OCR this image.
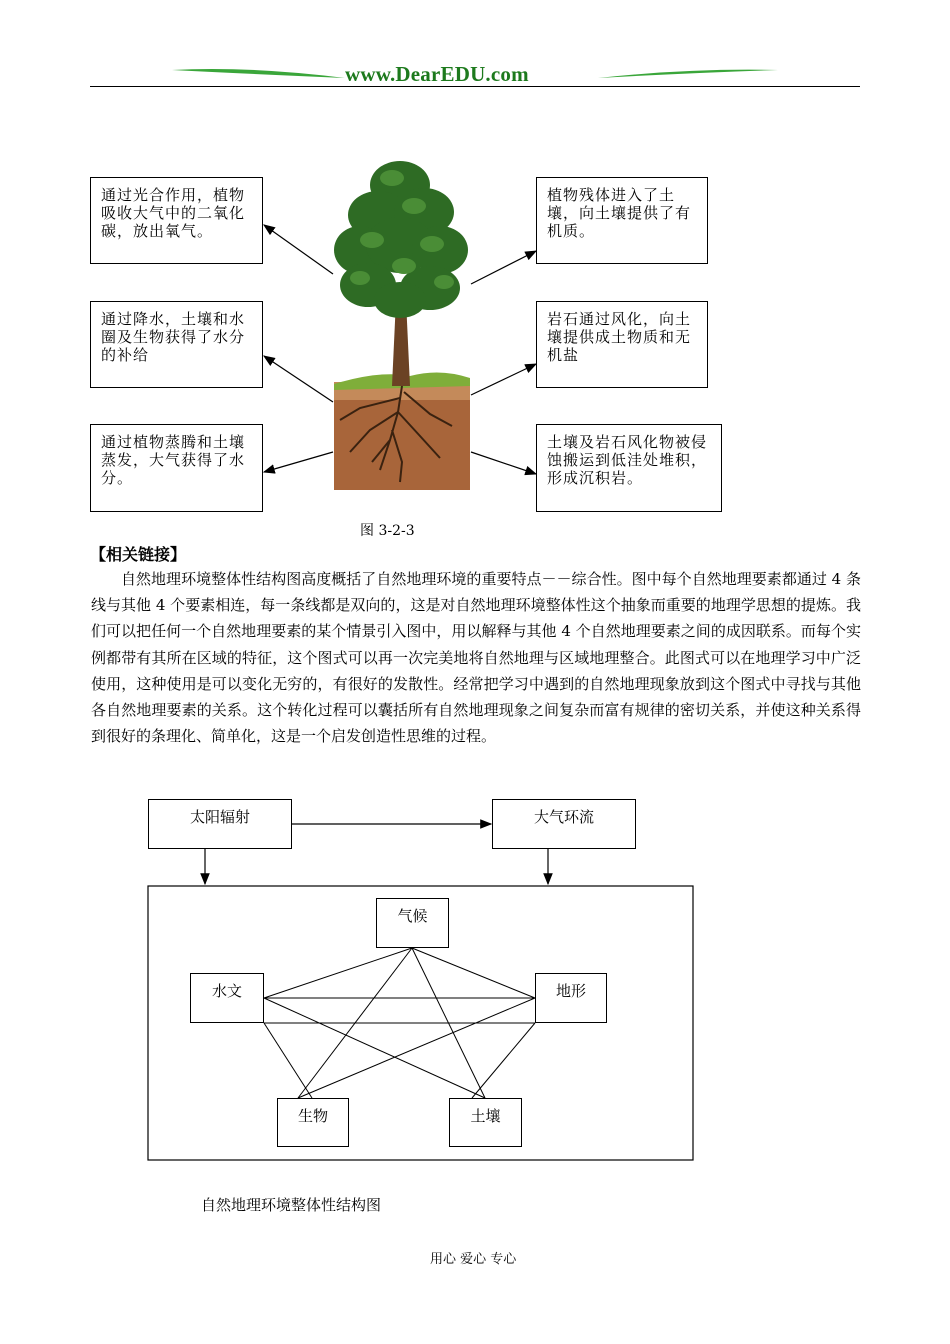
www.DearEDU.com
通过光合作用，植物吸收大气中的二氧化碳，放出氧气。
通过降水，土壤和水圈及生物获得了水分的补给
通过植物蒸腾和土壤蒸发，大气获得了水分。
植物残体进入了土壤，向土壤提供了有机质。
岩石通过风化，向土壤提供成土物质和无机盐
土壤及岩石风化物被侵蚀搬运到低洼处堆积，形成沉积岩。
图 3-2-3
【相关链接】
自然地理环境整体性结构图高度概括了自然地理环境的重要特点－－综合性。图中每个自然地理要素都通过 4 条线与其他 4 个要素相连，每一条线都是双向的，这是对自然地理环境整体性这个抽象而重要的地理学思想的提炼。我们可以把任何一个自然地理要素的某个情景引入图中，用以解释与其他 4 个自然地理要素之间的成因联系。而每个实例都带有其所在区域的特征，这个图式可以再一次完美地将自然地理与区域地理整合。此图式可以在地理学习中广泛使用，这种使用是可以变化无穷的，有很好的发散性。经常把学习中遇到的自然地理现象放到这个图式中寻找与其他各自然地理要素的关系。这个转化过程可以囊括所有自然地理现象之间复杂而富有规律的密切关系，并使这种关系得到很好的条理化、简单化，这是一个启发创造性思维的过程。
太阳辐射	大气环流
气候
水文	地形
生物	土壤
自然地理环境整体性结构图
用心 爱心 专心
